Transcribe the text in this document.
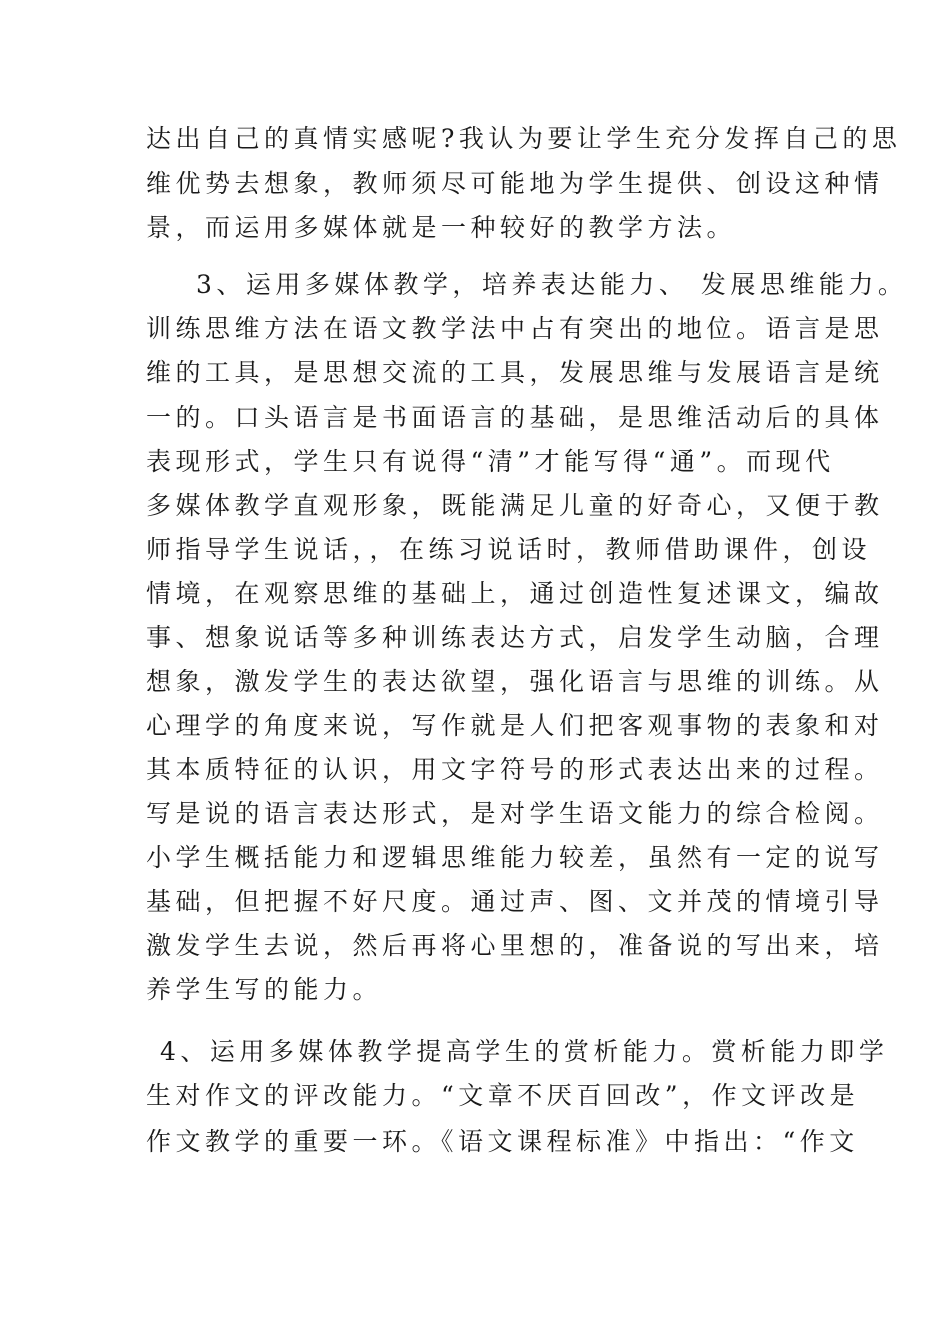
达出自己的真情实感呢?我认为要让学生充分发挥自己的思
维优势去想象，教师须尽可能地为学生提供、创设这种情
景，而运用多媒体就是一种较好的教学方法。
3、运用多媒体教学，培养表达能力、 发展思维能力。
训练思维方法在语文教学法中占有突出的地位。语言是思
维的工具，是思想交流的工具，发展思维与发展语言是统
一的。口头语言是书面语言的基础，是思维活动后的具体
表现形式，学生只有说得“清”才能写得“通”。而现代
多媒体教学直观形象，既能满足儿童的好奇心，又便于教
师指导学生说话，，在练习说话时，教师借助课件，创设
情境，在观察思维的基础上，通过创造性复述课文，编故
事、想象说话等多种训练表达方式，启发学生动脑，合理
想象，激发学生的表达欲望，强化语言与思维的训练。从
心理学的角度来说，写作就是人们把客观事物的表象和对
其本质特征的认识，用文字符号的形式表达出来的过程。
写是说的语言表达形式，是对学生语文能力的综合检阅。
小学生概括能力和逻辑思维能力较差，虽然有一定的说写
基础，但把握不好尺度。通过声、图、文并茂的情境引导
激发学生去说，然后再将心里想的，准备说的写出来，培
养学生写的能力。
4、运用多媒体教学提高学生的赏析能力。赏析能力即学
生对作文的评改能力。“文章不厌百回改”，作文评改是
作文教学的重要一环。《语文课程标准》中指出：“作文
